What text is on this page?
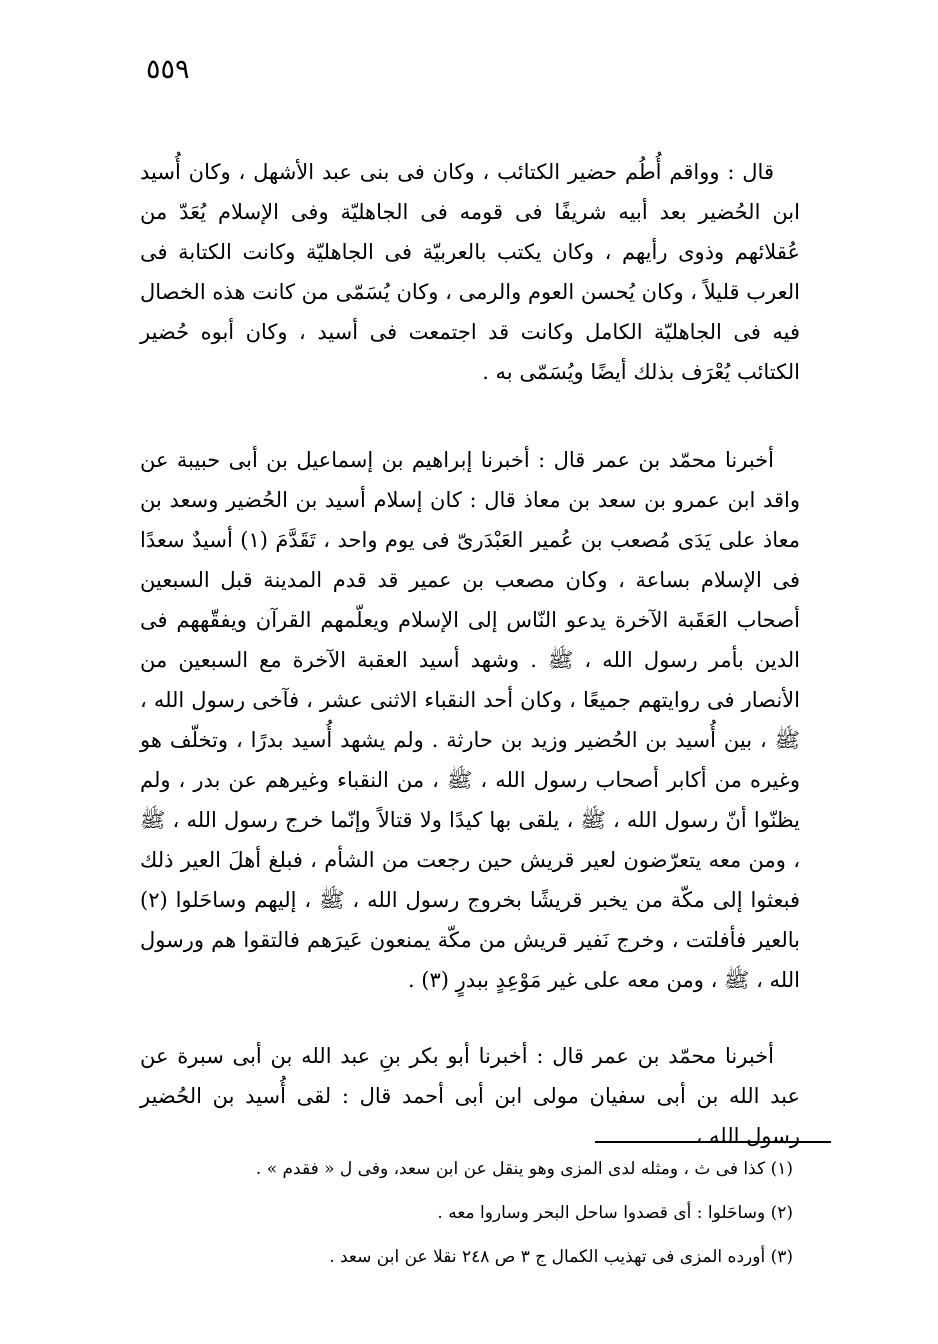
٥٥٩

قال : وواقم أُطُم حضير الكتائب ، وكان فى بنى عبد الأشهل ، وكان أُسيد ابن الحُضير بعد أبيه شريفًا فى قومه فى الجاهليّة وفى الإسلام يُعَدّ من عُقلائهم وذوى رأيهم ، وكان يكتب بالعربيّة فى الجاهليّة وكانت الكتابة فى العرب قليلاً ، وكان يُحسن العوم والرمى ، وكان يُسَمّى من كانت هذه الخصال فيه فى الجاهليّة الكامل وكانت قد اجتمعت فى أسيد ، وكان أبوه حُضير الكتائب يُعْرَف بذلك أيضًا ويُسَمّى به .

أخبرنا محمّد بن عمر قال : أخبرنا إبراهيم بن إسماعيل بن أبى حبيبة عن واقد ابن عمرو بن سعد بن معاذ قال : كان إسلام أسيد بن الحُضير وسعد بن معاذ على يَدَى مُصعب بن عُمير العَبْدَرىّ فى يوم واحد ، تَقَدَّمَ (١) أسيدٌ سعدًا فى الإسلام بساعة ، وكان مصعب بن عمير قد قدم المدينة قبل السبعين أصحاب العَقَبة الآخرة يدعو النّاس إلى الإسلام ويعلّمهم القرآن ويفقّههم فى الدين بأمر رسول الله ، ﷺ . وشهد أسيد العقبة الآخرة مع السبعين من الأنصار فى روايتهم جميعًا ، وكان أحد النقباء الاثنى عشر ، فآخى رسول الله ، ﷺ ، بين أُسيد بن الحُضير وزيد بن حارثة . ولم يشهد أُسيد بدرًا ، وتخلّف هو وغيره من أكابر أصحاب رسول الله ، ﷺ ، من النقباء وغيرهم عن بدر ، ولم يظنّوا أنّ رسول الله ، ﷺ ، يلقى بها كيدًا ولا قتالاً وإنّما خرج رسول الله ، ﷺ ، ومن معه يتعرّضون لعير قريش حين رجعت من الشأم ، فبلغ أهلَ العير ذلك فبعثوا إلى مكّة من يخبر قريشًا بخروج رسول الله ، ﷺ ، إليهم وساحَلوا (٢) بالعير فأفلتت ، وخرج نَفير قريش من مكّة يمنعون عَيرَهم فالتقوا هم ورسول الله ، ﷺ ، ومن معه على غير مَوْعِدٍ ببدرٍ (٣) .

أخبرنا محمّد بن عمر قال : أخبرنا أبو بكر بنِ عبد الله بن أبى سبرة عن عبد الله بن أبى سفيان مولى ابن أبى أحمد قال : لقى أُسيد بن الحُضير رسول الله ،

(١) كذا فى ث ، ومثله لدى المزى وهو ينقل عن ابن سعد، وفى ل « فقدم » .

(٢) وساحَلوا : أى قصدوا ساحل البحر وساروا معه .

(٣) أورده المزى فى تهذيب الكمال ج ٣ ص ٢٤٨ نقلا عن ابن سعد .
